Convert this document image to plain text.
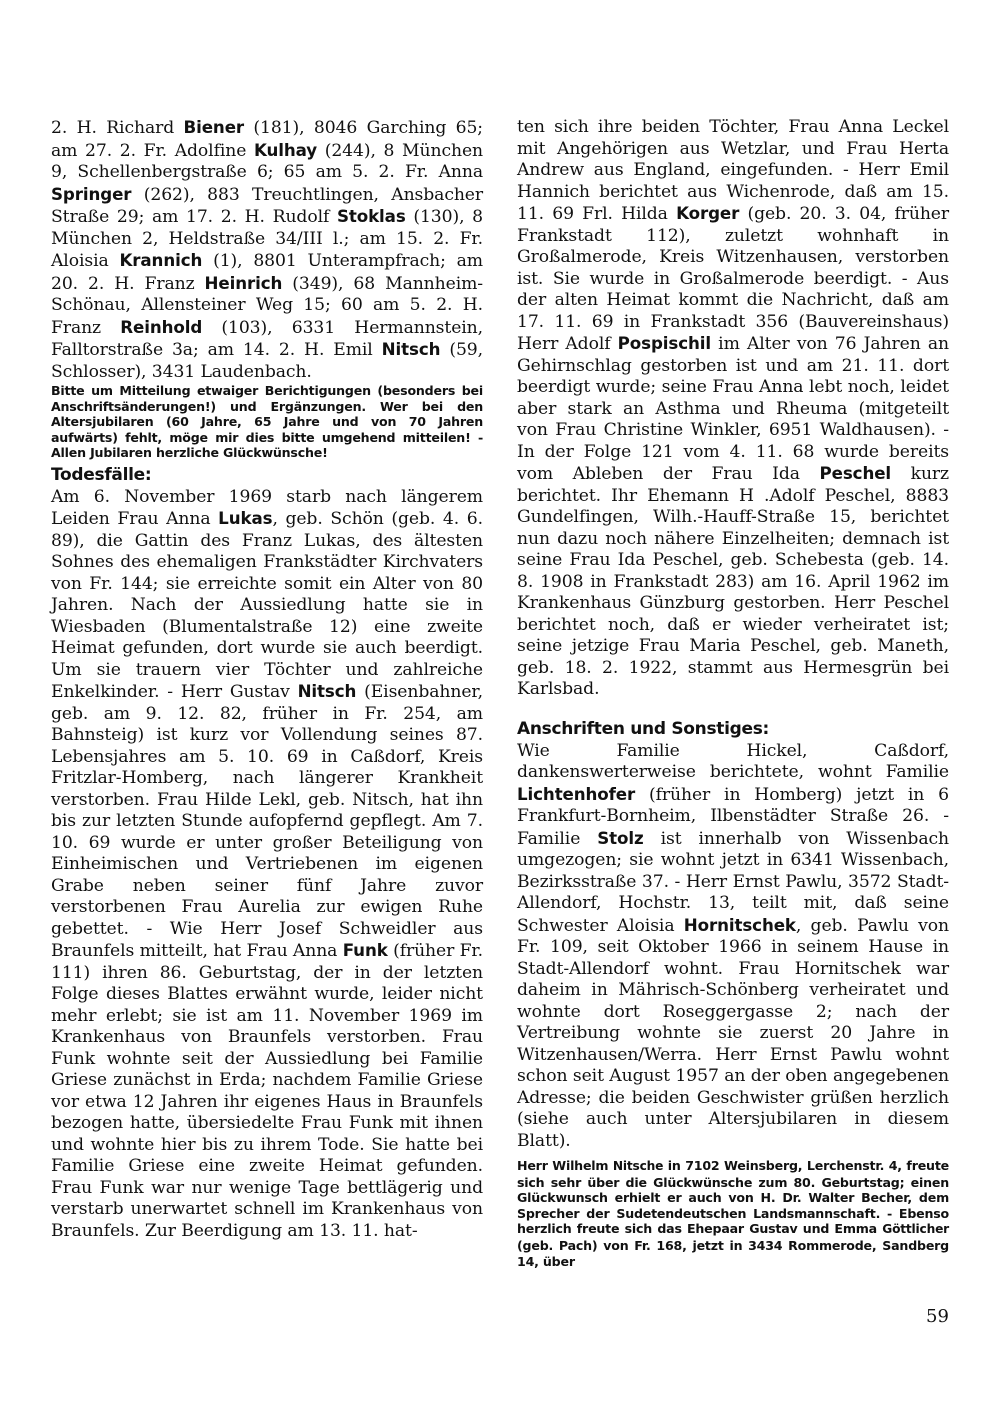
2. H. Richard Biener (181), 8046 Garching 65; am 27. 2. Fr. Adolfine Kulhay (244), 8 München 9, Schellenbergstraße 6; 65 am 5. 2. Fr. Anna Springer (262), 883 Treuchtlingen, Ansbacher Straße 29; am 17. 2. H. Rudolf Stoklas (130), 8 München 2, Heldstraße 34/III l.; am 15. 2. Fr. Aloisia Krannich (1), 8801 Unterampfrach; am 20. 2. H. Franz Heinrich (349), 68 Mannheim-Schönau, Allensteiner Weg 15; 60 am 5. 2. H. Franz Reinhold (103), 6331 Hermannstein, Falltorstraße 3a; am 14. 2. H. Emil Nitsch (59, Schlosser), 3431 Laudenbach.

Bitte um Mitteilung etwaiger Berichtigungen (besonders bei Anschriftsänderungen!) und Ergänzungen. Wer bei den Altersjubilaren (60 Jahre, 65 Jahre und von 70 Jahren aufwärts) fehlt, möge mir dies bitte umgehend mitteilen! - Allen Jubilaren herzliche Glückwünsche!

Todesfälle:

Am 6. November 1969 starb nach längerem Leiden Frau Anna Lukas, geb. Schön (geb. 4. 6. 89), die Gattin des Franz Lukas, des ältesten Sohnes des ehemaligen Frankstädter Kirchvaters von Fr. 144; sie erreichte somit ein Alter von 80 Jahren. Nach der Aussiedlung hatte sie in Wiesbaden (Blumentalstraße 12) eine zweite Heimat gefunden, dort wurde sie auch beerdigt. Um sie trauern vier Töchter und zahlreiche Enkelkinder. - Herr Gustav Nitsch (Eisenbahner, geb. am 9. 12. 82, früher in Fr. 254, am Bahnsteig) ist kurz vor Vollendung seines 87. Lebensjahres am 5. 10. 69 in Caßdorf, Kreis Fritzlar-Homberg, nach längerer Krankheit verstorben. Frau Hilde Lekl, geb. Nitsch, hat ihn bis zur letzten Stunde aufopfernd gepflegt. Am 7. 10. 69 wurde er unter großer Beteiligung von Einheimischen und Vertriebenen im eigenen Grabe neben seiner fünf Jahre zuvor verstorbenen Frau Aurelia zur ewigen Ruhe gebettet. - Wie Herr Josef Schweidler aus Braunfels mitteilt, hat Frau Anna Funk (früher Fr. 111) ihren 86. Geburtstag, der in der letzten Folge dieses Blattes erwähnt wurde, leider nicht mehr erlebt; sie ist am 11. November 1969 im Krankenhaus von Braunfels verstorben. Frau Funk wohnte seit der Aussiedlung bei Familie Griese zunächst in Erda; nachdem Familie Griese vor etwa 12 Jahren ihr eigenes Haus in Braunfels bezogen hatte, übersiedelte Frau Funk mit ihnen und wohnte hier bis zu ihrem Tode. Sie hatte bei Familie Griese eine zweite Heimat gefunden. Frau Funk war nur wenige Tage bettlägerig und verstarb unerwartet schnell im Krankenhaus von Braunfels. Zur Beerdigung am 13. 11. hat-

ten sich ihre beiden Töchter, Frau Anna Leckel mit Angehörigen aus Wetzlar, und Frau Herta Andrew aus England, eingefunden. - Herr Emil Hannich berichtet aus Wichenrode, daß am 15. 11. 69 Frl. Hilda Korger (geb. 20. 3. 04, früher Frankstadt 112), zuletzt wohnhaft in Großalmerode, Kreis Witzenhausen, verstorben ist. Sie wurde in Großalmerode beerdigt. - Aus der alten Heimat kommt die Nachricht, daß am 17. 11. 69 in Frankstadt 356 (Bauvereinshaus) Herr Adolf Pospischil im Alter von 76 Jahren an Gehirnschlag gestorben ist und am 21. 11. dort beerdigt wurde; seine Frau Anna lebt noch, leidet aber stark an Asthma und Rheuma (mitgeteilt von Frau Christine Winkler, 6951 Waldhausen). - In der Folge 121 vom 4. 11. 68 wurde bereits vom Ableben der Frau Ida Peschel kurz berichtet. Ihr Ehemann H .Adolf Peschel, 8883 Gundelfingen, Wilh.-Hauff-Straße 15, berichtet nun dazu noch nähere Einzelheiten; demnach ist seine Frau Ida Peschel, geb. Schebesta (geb. 14. 8. 1908 in Frankstadt 283) am 16. April 1962 im Krankenhaus Günzburg gestorben. Herr Peschel berichtet noch, daß er wieder verheiratet ist; seine jetzige Frau Maria Peschel, geb. Maneth, geb. 18. 2. 1922, stammt aus Hermesgrün bei Karlsbad.

Anschriften und Sonstiges:

Wie Familie Hickel, Caßdorf, dankenswerterweise berichtete, wohnt Familie Lichtenhofer (früher in Homberg) jetzt in 6 Frankfurt-Bornheim, Ilbenstädter Straße 26. - Familie Stolz ist innerhalb von Wissenbach umgezogen; sie wohnt jetzt in 6341 Wissenbach, Bezirksstraße 37. - Herr Ernst Pawlu, 3572 Stadt-Allendorf, Hochstr. 13, teilt mit, daß seine Schwester Aloisia Hornitschek, geb. Pawlu von Fr. 109, seit Oktober 1966 in seinem Hause in Stadt-Allendorf wohnt. Frau Hornitschek war daheim in Mährisch-Schönberg verheiratet und wohnte dort Roseggergasse 2; nach der Vertreibung wohnte sie zuerst 20 Jahre in Witzenhausen/Werra. Herr Ernst Pawlu wohnt schon seit August 1957 an der oben angegebenen Adresse; die beiden Geschwister grüßen herzlich (siehe auch unter Altersjubilaren in diesem Blatt).

Herr Wilhelm Nitsche in 7102 Weinsberg, Lerchenstr. 4, freute sich sehr über die Glückwünsche zum 80. Geburtstag; einen Glückwunsch erhielt er auch von H. Dr. Walter Becher, dem Sprecher der Sudetendeutschen Landsmannschaft. - Ebenso herzlich freute sich das Ehepaar Gustav und Emma Göttlicher (geb. Pach) von Fr. 168, jetzt in 3434 Rommerode, Sandberg 14, über

59
